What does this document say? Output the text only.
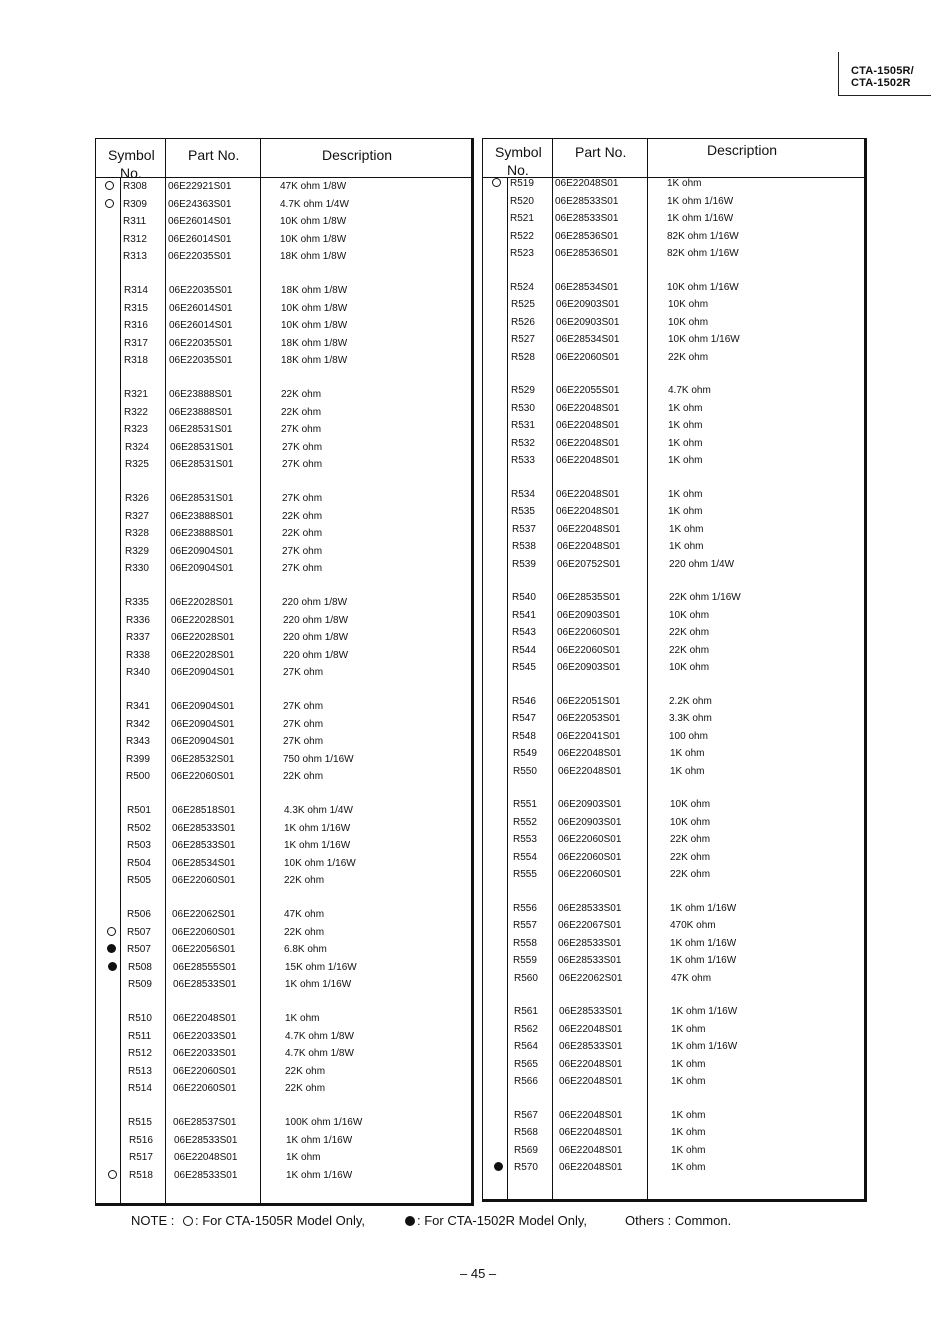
CTA-1505R/
CTA-1502R
Symbol
No.
Part No.	Description
R308 06E22921S01	47K ohm 1/8W
R309 06E24363S01	4.7K ohm 1/4W
R311 06E26014S01	10K ohm 1/8W
R312 06E26014S01	10K ohm 1/8W
R313 06E22035S01	18K ohm 1/8W
R314 06E22035S01	18K ohm 1/8W
R315 06E26014S01	10K ohm 1/8W
R316 06E26014S01	10K ohm 1/8W
R317 06E22035S01	18K ohm 1/8W
R318 06E22035S01	18K ohm 1/8W
R321 06E23888S01	22K ohm
R322 06E23888S01	22K ohm
R323 06E28531S01	27K ohm
R324 06E28531S01	27K ohm
R325 06E28531S01	27K ohm
R326 06E28531S01	27K ohm
R327 06E23888S01	22K ohm
R328 06E23888S01	22K ohm
R329 06E20904S01	27K ohm
R330 06E20904S01	27K ohm
R335 06E22028S01	220 ohm 1/8W
R336 06E22028S01	220 ohm 1/8W
R337 06E22028S01	220 ohm 1/8W
R338 06E22028S01	220 ohm 1/8W
R340 06E20904S01	27K ohm
R341 06E20904S01	27K ohm
R342 06E20904S01	27K ohm
R343 06E20904S01	27K ohm
R399 06E28532S01	750 ohm 1/16W
R500 06E22060S01	22K ohm
R501 06E28518S01	4.3K ohm 1/4W
R502 06E28533S01	1K ohm 1/16W
R503 06E28533S01	1K ohm 1/16W
R504 06E28534S01	10K ohm 1/16W
R505 06E22060S01	22K ohm
R506 06E22062S01	47K ohm
R507 06E22060S01	22K ohm
R507 06E22056S01	6.8K ohm
R508 06E28555S01	15K ohm 1/16W
R509 06E28533S01	1K ohm 1/16W
R510 06E22048S01	1K ohm
R511 06E22033S01	4.7K ohm 1/8W
R512 06E22033S01	4.7K ohm 1/8W
R513 06E22060S01	22K ohm
R514 06E22060S01	22K ohm
R515 06E28537S01	100K ohm 1/16W
R516 06E28533S01	1K ohm 1/16W
R517 06E22048S01	1K ohm
R518 06E28533S01	1K ohm 1/16W
Symbol
No.
Part No.	Description
R519 06E22048S01	1K ohm
R520 06E28533S01	1K ohm 1/16W
R521 06E28533S01	1K ohm 1/16W
R522 06E28536S01	82K ohm 1/16W
R523 06E28536S01	82K ohm 1/16W
R524 06E28534S01	10K ohm 1/16W
R525 06E20903S01	10K ohm
R526 06E20903S01	10K ohm
R527 06E28534S01	10K ohm 1/16W
R528 06E22060S01	22K ohm
R529 06E22055S01	4.7K ohm
R530 06E22048S01	1K ohm
R531 06E22048S01	1K ohm
R532 06E22048S01	1K ohm
R533 06E22048S01	1K ohm
R534 06E22048S01	1K ohm
R535 06E22048S01	1K ohm
R537 06E22048S01	1K ohm
R538 06E22048S01	1K ohm
R539 06E20752S01	220 ohm 1/4W
R540 06E28535S01	22K ohm 1/16W
R541 06E20903S01	10K ohm
R543 06E22060S01	22K ohm
R544 06E22060S01	22K ohm
R545 06E20903S01	10K ohm
R546 06E22051S01	2.2K ohm
R547 06E22053S01	3.3K ohm
R548 06E22041S01	100 ohm
R549 06E22048S01	1K ohm
R550 06E22048S01	1K ohm
R551 06E20903S01	10K ohm
R552 06E20903S01	10K ohm
R553 06E22060S01	22K ohm
R554 06E22060S01	22K ohm
R555 06E22060S01	22K ohm
R556 06E28533S01	1K ohm 1/16W
R557 06E22067S01	470K ohm
R558 06E28533S01	1K ohm 1/16W
R559 06E28533S01	1K ohm 1/16W
R560 06E22062S01	47K ohm
R561 06E28533S01	1K ohm 1/16W
R562 06E22048S01	1K ohm
R564 06E28533S01	1K ohm 1/16W
R565 06E22048S01	1K ohm
R566 06E22048S01	1K ohm
R567 06E22048S01	1K ohm
R568 06E22048S01	1K ohm
R569 06E22048S01	1K ohm
R570 06E22048S01	1K ohm
NOTE : : For CTA-1505R Model Only,	: For CTA-1502R Model Only,	Others : Common.
– 45 –
